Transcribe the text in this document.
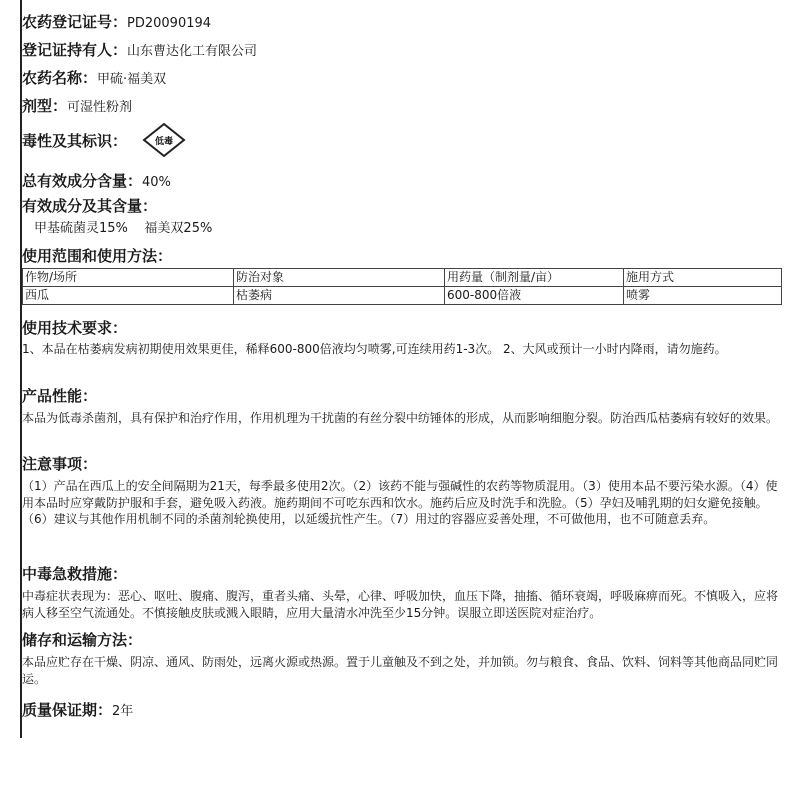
农药登记证号：PD20090194
登记证持有人：山东曹达化工有限公司
农药名称：甲硫·福美双
剂型：可湿性粉剂
毒性及其标识：	低毒
总有效成分含量：40%
有效成分及其含量：
甲基硫菌灵15%    福美双25%
使用范围和使用方法：
作物/场所	防治对象	用药量（制剂量/亩）	施用方式
西瓜	枯萎病	600-800倍液	喷雾
使用技术要求：
1、本品在枯萎病发病初期使用效果更佳，稀释600-800倍液均匀喷雾,可连续用药1-3次。 2、大风或预计一小时内降雨，请勿施药。
产品性能：
本品为低毒杀菌剂，具有保护和治疗作用，作用机理为干扰菌的有丝分裂中纺锤体的形成，从而影响细胞分裂。防治西瓜枯萎病有较好的效果。
注意事项：
（1）产品在西瓜上的安全间隔期为21天，每季最多使用2次。（2）该药不能与强碱性的农药等物质混用。（3）使用本品不要污染水源。（4）使用本品时应穿戴防护服和手套，避免吸入药液。施药期间不可吃东西和饮水。施药后应及时洗手和洗脸。（5）孕妇及哺乳期的妇女避免接触。（6）建议与其他作用机制不同的杀菌剂轮换使用，以延缓抗性产生。（7）用过的容器应妥善处理，不可做他用，也不可随意丢弃。
中毒急救措施：
中毒症状表现为：恶心、呕吐、腹痛、腹泻，重者头痛、头晕，心律、呼吸加快，血压下降，抽搐、循环衰竭，呼吸麻痹而死。不慎吸入，应将病人移至空气流通处。不慎接触皮肤或溅入眼睛，应用大量清水冲洗至少15分钟。误服立即送医院对症治疗。
储存和运输方法：
本品应贮存在干燥、阴凉、通风、防雨处，远离火源或热源。置于儿童触及不到之处，并加锁。勿与粮食、食品、饮料、饲料等其他商品同贮同运。
质量保证期：2年
